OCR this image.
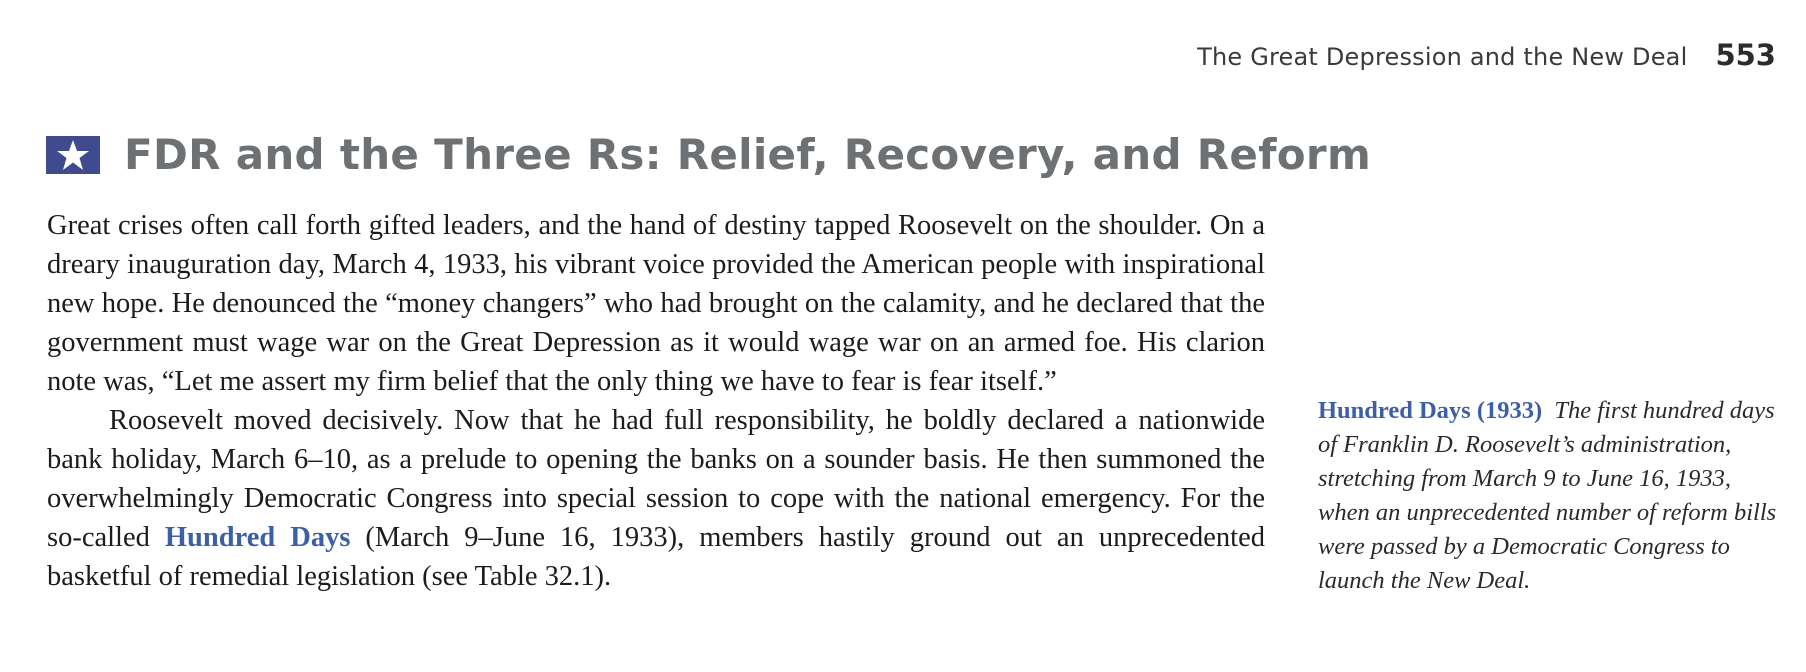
The Great Depression and the New Deal 553
FDR and the Three Rs: Relief, Recovery, and Reform

Great crises often call forth gifted leaders, and the hand of destiny tapped Roosevelt on the shoulder. On a dreary inauguration day, March 4, 1933, his vibrant voice provided the American people with inspirational new hope. He denounced the “money changers” who had brought on the calamity, and he declared that the government must wage war on the Great Depression as it would wage war on an armed foe. His clarion note was, “Let me assert my firm belief that the only thing we have to fear is fear itself.”

Roosevelt moved decisively. Now that he had full responsibility, he boldly declared a nationwide bank holiday, March 6–10, as a prelude to opening the banks on a sounder basis. He then summoned the overwhelmingly Democratic Congress into special session to cope with the national emergency. For the so-called Hundred Days (March 9–June 16, 1933), members hastily ground out an unprecedented basketful of remedial legislation (see Table 32.1).

Hundred Days (1933) The first hundred days of Franklin D. Roosevelt’s administration, stretching from March 9 to June 16, 1933, when an unprecedented number of reform bills were passed by a Democratic Congress to launch the New Deal.
